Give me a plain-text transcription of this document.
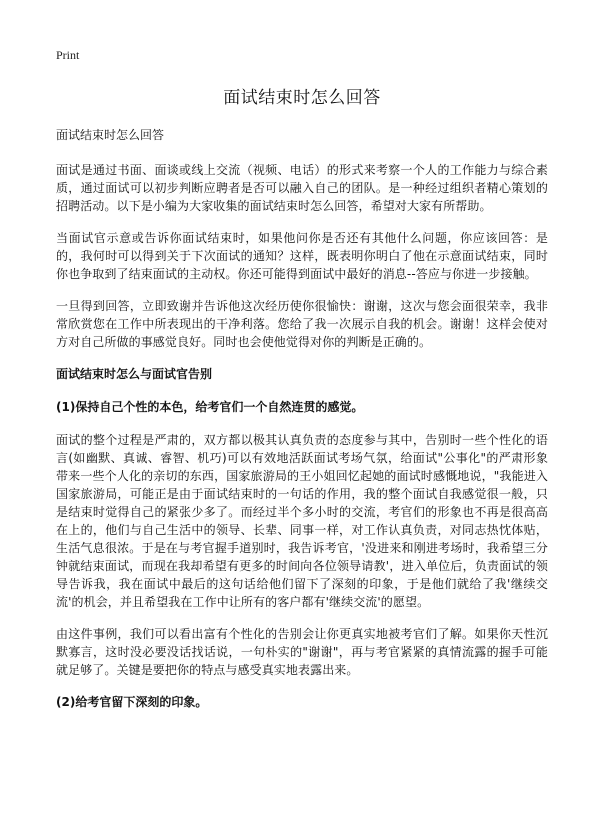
Print
面试结束时怎么回答
面试结束时怎么回答

面试是通过书面、面谈或线上交流（视频、电话）的形式来考察一个人的工作能力与综合素质，通过面试可以初步判断应聘者是否可以融入自己的团队。是一种经过组织者精心策划的招聘活动。以下是小编为大家收集的面试结束时怎么回答，希望对大家有所帮助。

当面试官示意或告诉你面试结束时，如果他问你是否还有其他什么问题，你应该回答：是的，我何时可以得到关于下次面试的通知？这样，既表明你明白了他在示意面试结束，同时你也争取到了结束面试的主动权。你还可能得到面试中最好的消息--答应与你进一步接触。

一旦得到回答，立即致谢并告诉他这次经历使你很愉快：谢谢，这次与您会面很荣幸，我非常欣赏您在工作中所表现出的干净利落。您给了我一次展示自我的机会。谢谢！这样会使对方对自己所做的事感觉良好。同时也会使他觉得对你的判断是正确的。

面试结束时怎么与面试官告别
(1)保持自己个性的本色，给考官们一个自然连贯的感觉。

面试的整个过程是严肃的，双方都以极其认真负责的态度参与其中，告别时一些个性化的语言(如幽默、真诚、睿智、机巧)可以有效地活跃面试考场气氛，给面试"公事化"的严肃形象带来一些个人化的亲切的东西，国家旅游局的王小姐回忆起她的面试时感慨地说，"我能进入国家旅游局，可能正是由于面试结束时的一句话的作用，我的整个面试自我感觉很一般，只是结束时觉得自己的紧张少多了。而经过半个多小时的交流，考官们的形象也不再是很高高在上的，他们与自己生活中的领导、长辈、同事一样，对工作认真负责，对同志热忱体贴，生活气息很浓。于是在与考官握手道别时，我告诉考官，'没进来和刚进考场时，我希望三分钟就结束面试，而现在我却希望有更多的时间向各位领导请教'，进入单位后，负责面试的领导告诉我，我在面试中最后的这句话给他们留下了深刻的印象，于是他们就给了我'继续交流'的机会，并且希望我在工作中让所有的客户都有'继续交流'的愿望。

由这件事例，我们可以看出富有个性化的告别会让你更真实地被考官们了解。如果你天性沉默寡言，这时没必要没话找话说，一句朴实的"谢谢"，再与考官紧紧的真情流露的握手可能就足够了。关键是要把你的特点与感受真实地表露出来。

(2)给考官留下深刻的印象。
